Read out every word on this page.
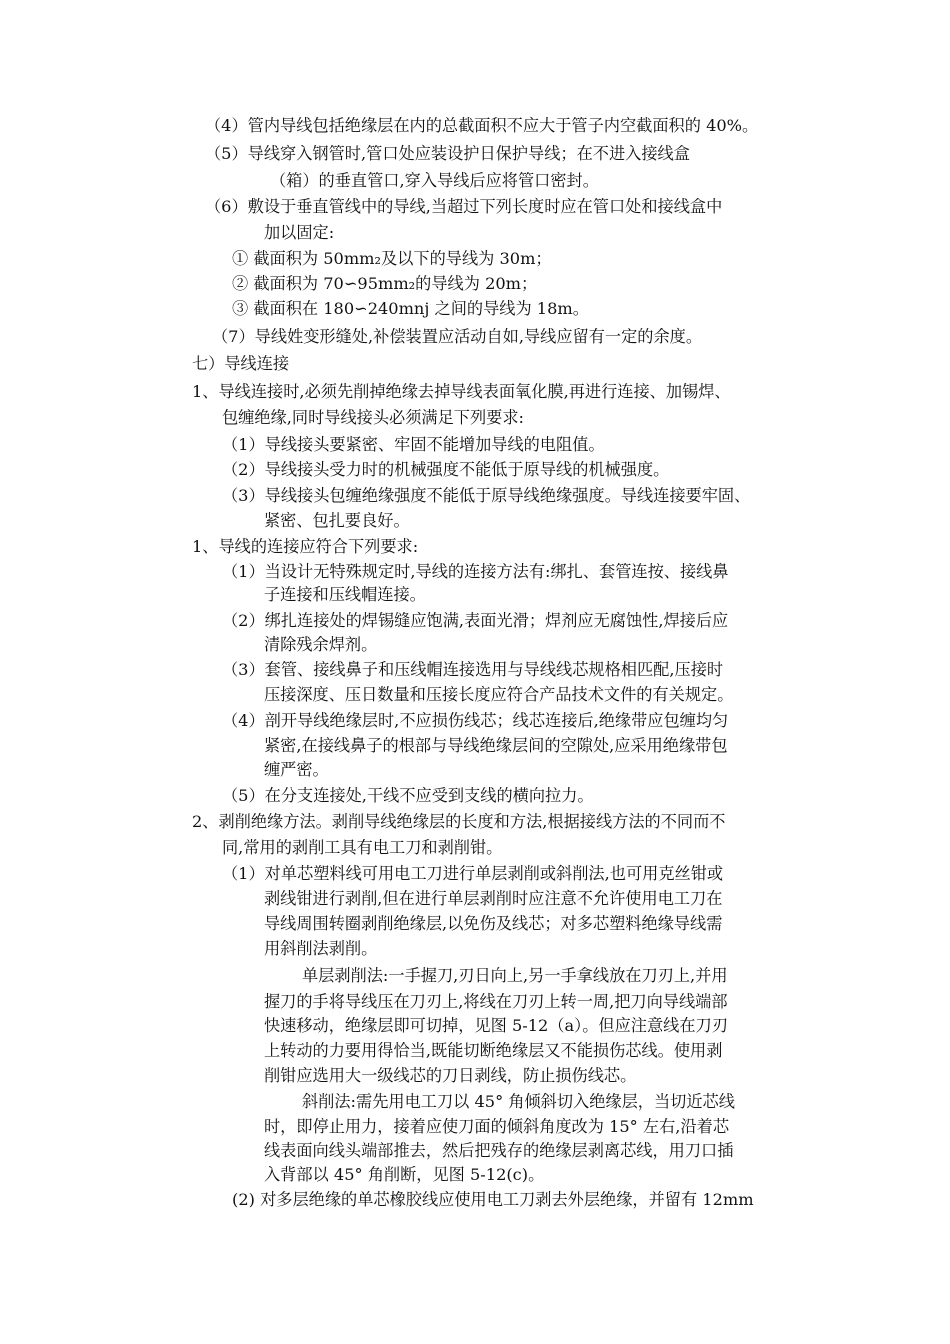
（4）管内导线包括绝缘层在内的总截面积不应大于管子内空截面积的 40%。
（5）导线穿入钢管时,管口处应装设护日保护导线；在不进入接线盒
（箱）的垂直管口,穿入导线后应将管口密封。
（6）敷设于垂直管线中的导线,当超过下列长度时应在管口处和接线盒中
加以固定:
① 截面积为 50mm₂及以下的导线为 30m；
② 截面积为 70∽95mm₂的导线为 20m；
③ 截面积在 180∽240mnj 之间的导线为 18m。
（7）导线姓变形缝处,补偿装置应活动自如,导线应留有一定的余度。
七）导线连接
1、导线连接时,必须先削掉绝缘去掉导线表面氧化膜,再进行连接、加锡焊、
包缠绝缘,同时导线接头必须满足下列要求:
（1）导线接头要紧密、牢固不能增加导线的电阻值。
（2）导线接头受力时的机械强度不能低于原导线的机械强度。
（3）导线接头包缠绝缘强度不能低于原导线绝缘强度。导线连接要牢固、
紧密、包扎要良好。
1、导线的连接应符合下列要求:
（1）当设计无特殊规定时,导线的连接方法有:绑扎、套管连按、接线鼻
子连接和压线帽连接。
（2）绑扎连接处的焊锡缝应饱满,表面光滑；焊剂应无腐蚀性,焊接后应
清除残余焊剂。
（3）套管、接线鼻子和压线帽连接选用与导线线芯规格相匹配,压接时
压接深度、压日数量和压接长度应符合产品技术文件的有关规定。
（4）剖开导线绝缘层时,不应损伤线芯；线芯连接后,绝缘带应包缠均匀
紧密,在接线鼻子的根部与导线绝缘层间的空隙处,应采用绝缘带包
缠严密。
（5）在分支连接处,干线不应受到支线的横向拉力。
2、剥削绝缘方法。剥削导线绝缘层的长度和方法,根据接线方法的不同而不
同,常用的剥削工具有电工刀和剥削钳。
（1）对单芯塑料线可用电工刀进行单层剥削或斜削法,也可用克丝钳或
剥线钳进行剥削,但在进行单层剥削时应注意不允许使用电工刀在
导线周围转圈剥削绝缘层,以免伤及线芯；对多芯塑料绝缘导线需
用斜削法剥削。
单层剥削法:一手握刀,刃日向上,另一手拿线放在刀刃上,并用
握刀的手将导线压在刀刃上,将线在刀刃上转一周,把刀向导线端部
快速移动，绝缘层即可切掉，见图 5-12（a）。但应注意线在刀刃
上转动的力要用得恰当,既能切断绝缘层又不能损伤芯线。使用剥
削钳应选用大一级线芯的刀日剥线，防止损伤线芯。
斜削法:需先用电工刀以 45° 角倾斜切入绝缘层，当切近芯线
时，即停止用力，接着应使刀面的倾斜角度改为 15° 左右,沿着芯
线表面向线头端部推去，然后把残存的绝缘层剥离芯线，用刀口插
入背部以 45° 角削断，见图 5-12(c)。
(2) 对多层绝缘的单芯橡胶线应使用电工刀剥去外层绝缘，并留有 12mm
